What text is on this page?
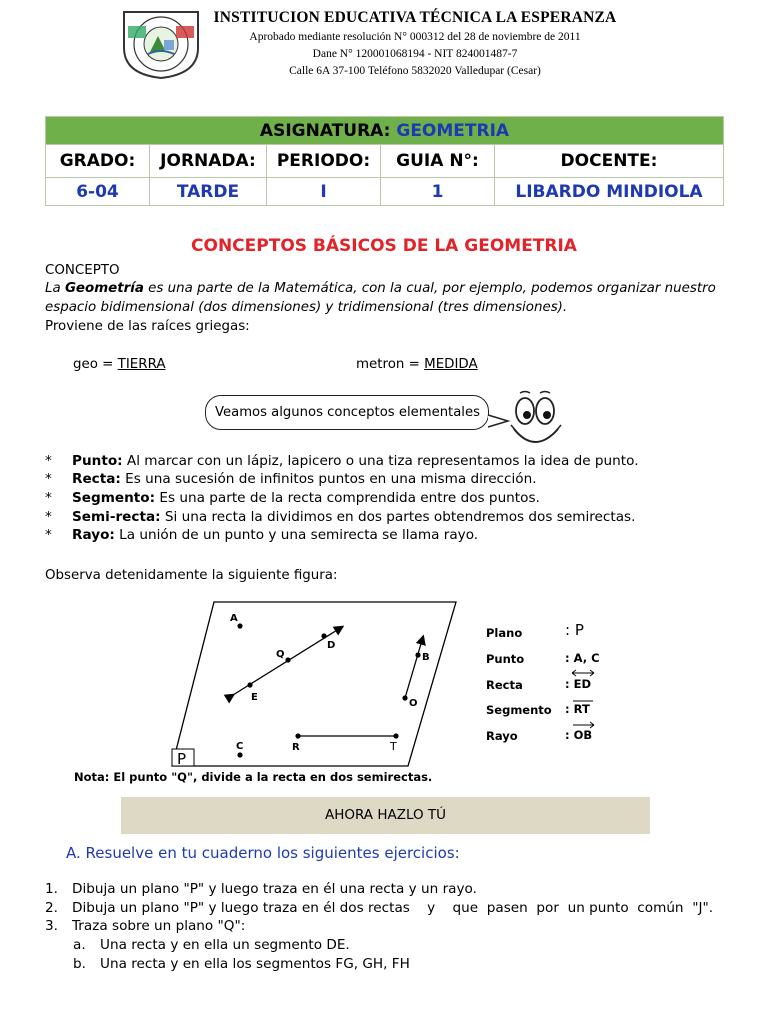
INSTITUCION EDUCATIVA TÉCNICA LA ESPERANZA
Aprobado mediante resolución N° 000312 del 28 de noviembre de 2011
Dane N° 120001068194 - NIT 824001487-7
Calle 6A 37-100 Teléfono 5832020 Valledupar (Cesar)
ASIGNATURA: GEOMETRIA				
GRADO:	JORNADA:	PERIODO:	GUIA N°:	DOCENTE:
6-04	TARDE	I	1	LIBARDO MINDIOLA
CONCEPTOS BÁSICOS DE LA GEOMETRIA
CONCEPTO
La Geometría es una parte de la Matemática, con la cual, por ejemplo, podemos organizar nuestro
espacio bidimensional (dos dimensiones) y tridimensional (tres dimensiones).
Proviene de las raíces griegas:
geo = TIERRA	metron = MEDIDA
Veamos algunos conceptos elementales
* Punto: Al marcar con un lápiz, lapicero o una tiza representamos la idea de punto.
* Recta: Es una sucesión de infinitos puntos en una misma dirección.
* Segmento: Es una parte de la recta comprendida entre dos puntos.
* Semi-recta: Si una recta la dividimos en dos partes obtendremos dos semirectas.
* Rayo: La unión de un punto y una semirecta se llama rayo.
Observa detenidamente la siguiente figura:
P
D
Q
E
A
B
O
R	T
C
Nota: El punto "Q", divide a la recta en dos semirectas.
Plano	: P
Punto	: A, C
Recta	: ED
Segmento : RT
Rayo	: OB
AHORA HAZLO TÚ
A. Resuelve en tu cuaderno los siguientes ejercicios:
1. Dibuja un plano "P" y luego traza en él una recta y un rayo.
2. Dibuja un plano "P" y luego traza en él dos rectas    y    que  pasen  por  un punto  común  "J".
3. Traza sobre un plano "Q":
a. Una recta y en ella un segmento DE.
b. Una recta y en ella los segmentos FG, GH, FH
